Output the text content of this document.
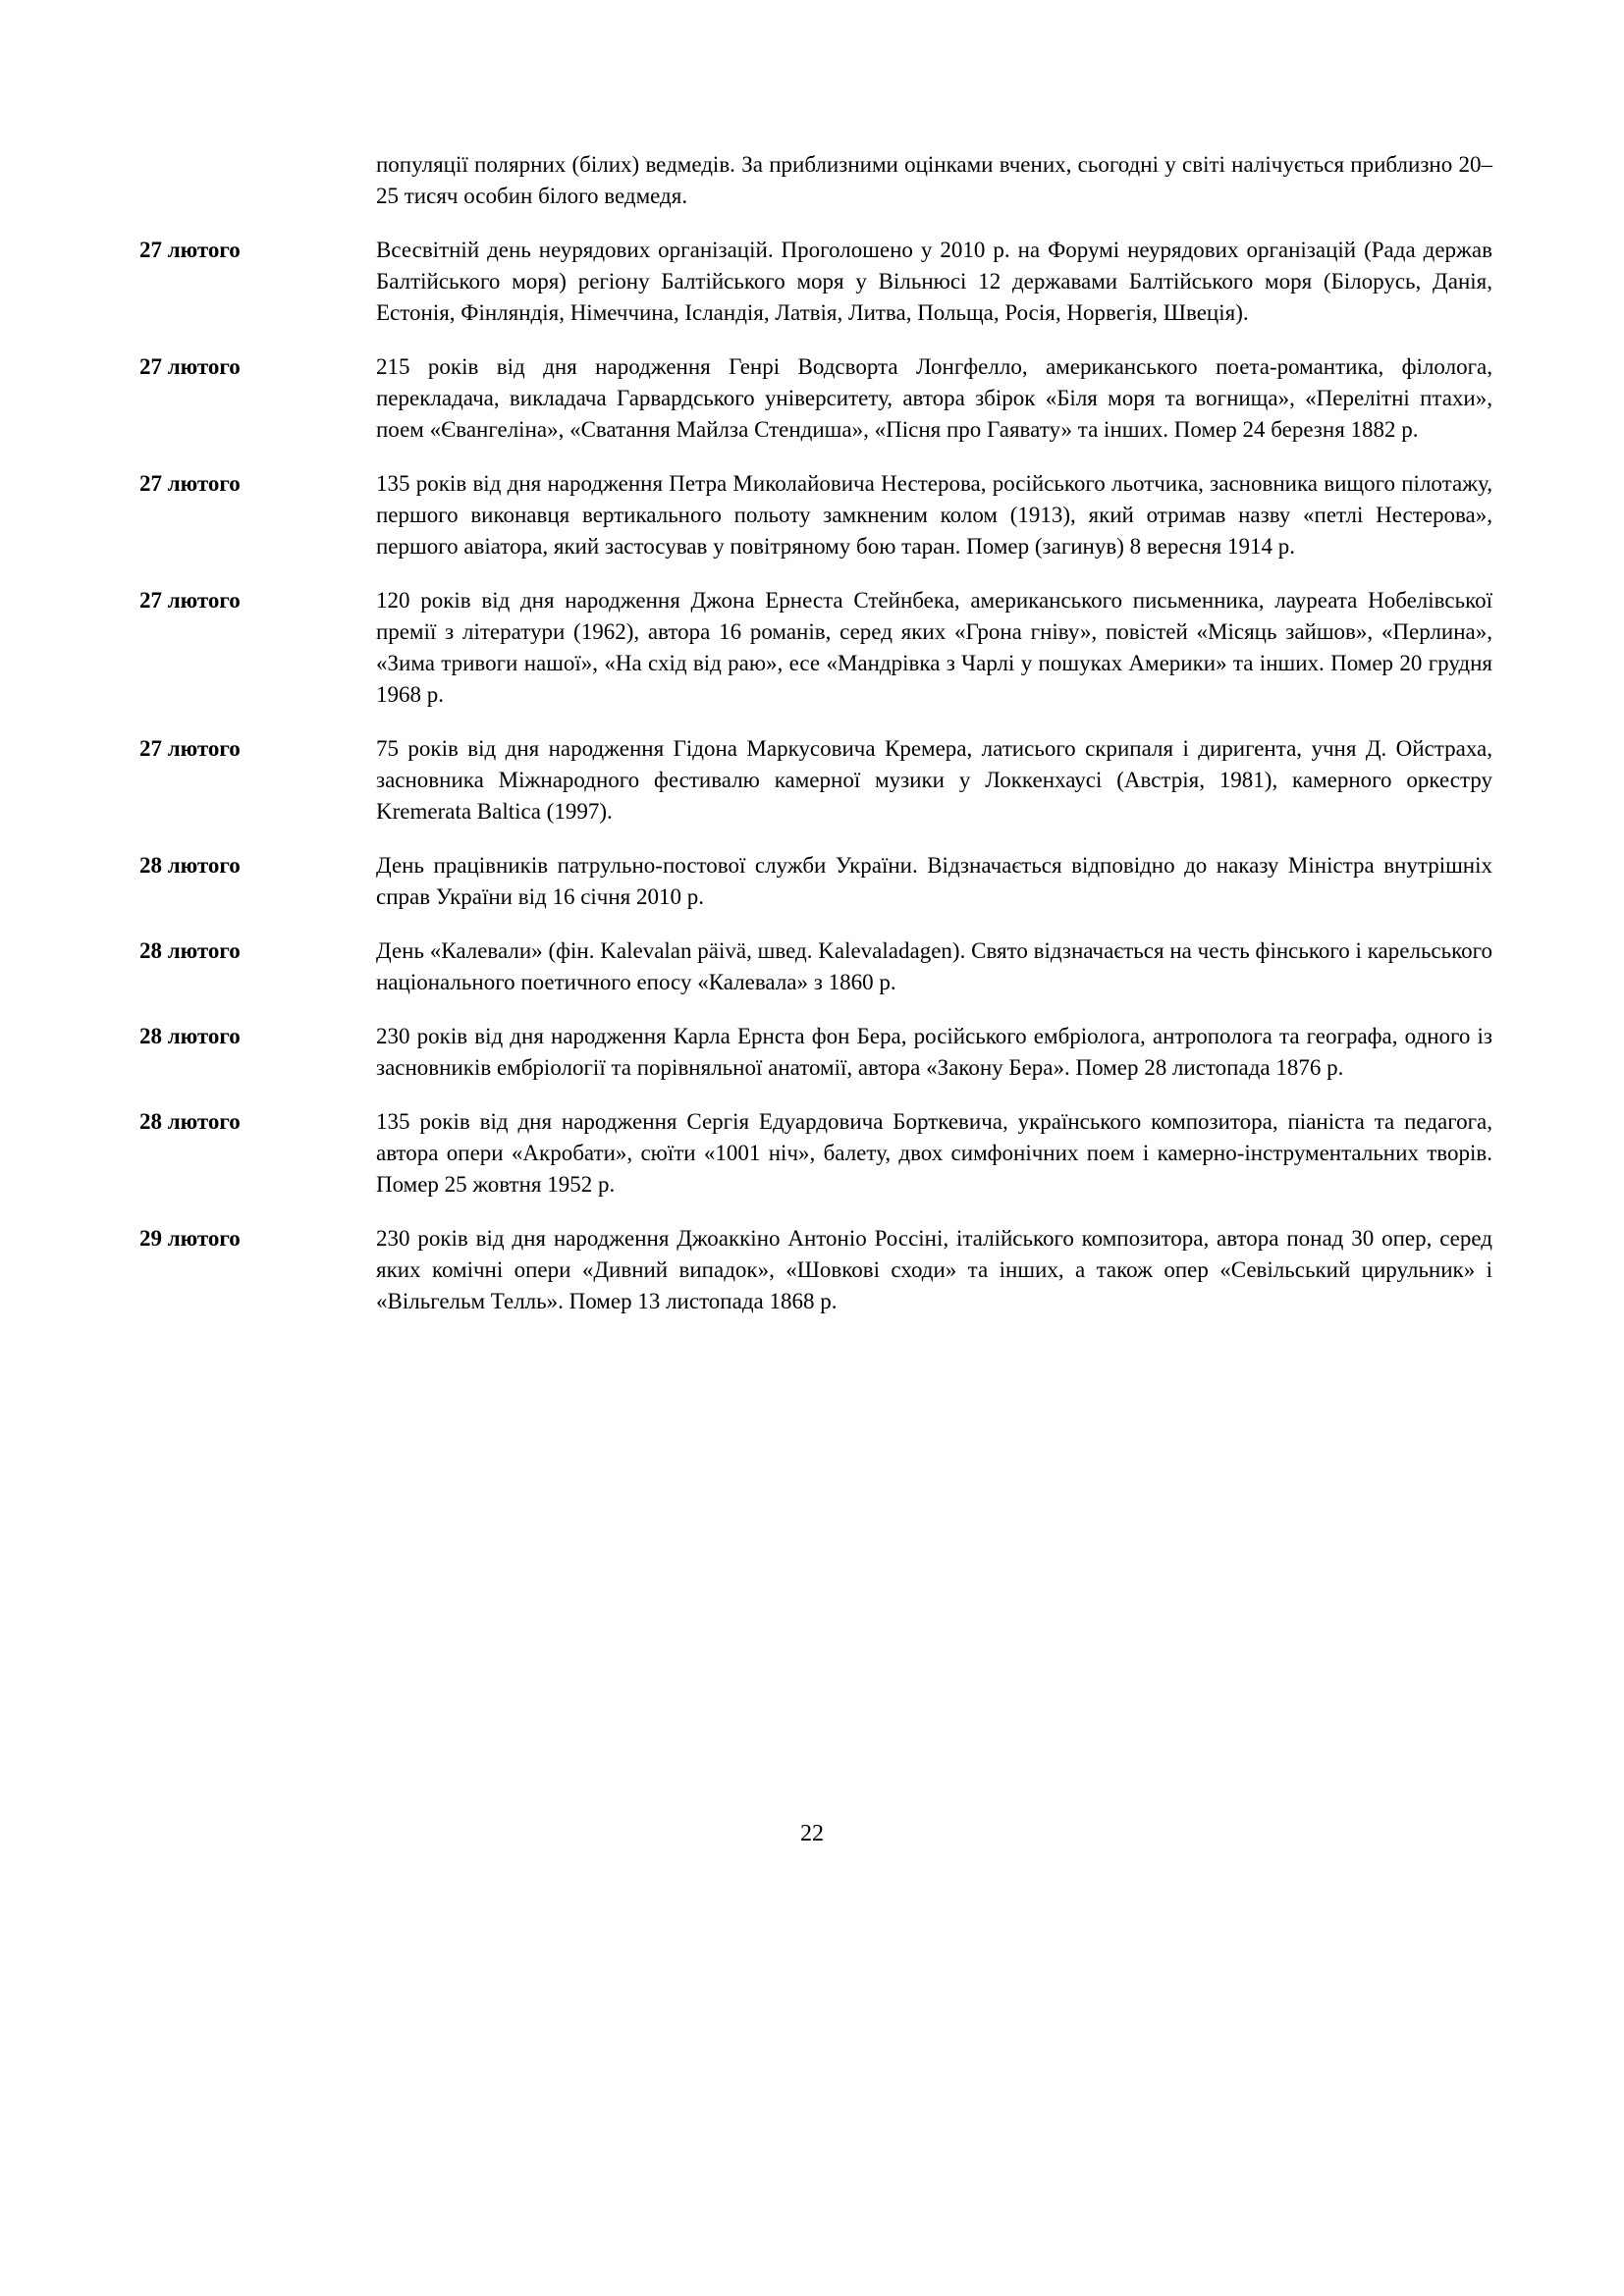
популяції полярних (білих) ведмедів. За приблизними оцінками вчених, сьогодні у світі налічується приблизно 20–25 тисяч особин білого ведмедя.
27 лютого	Всесвітній день неурядових організацій. Проголошено у 2010 р. на Форумі неурядових організацій (Рада держав Балтійського моря) регіону Балтійського моря у Вільнюсі 12 державами Балтійського моря (Білорусь, Данія, Естонія, Фінляндія, Німеччина, Ісландія, Латвія, Литва, Польща, Росія, Норвегія, Швеція).
27 лютого	215 років від дня народження Генрі Водсворта Лонгфелло, американського поета-романтика, філолога, перекладача, викладача Гарвардського університету, автора збірок «Біля моря та вогнища», «Перелітні птахи», поем «Євангеліна», «Сватання Майлза Стендиша», «Пісня про Гаявату» та інших. Помер 24 березня 1882 р.
27 лютого	135 років від дня народження Петра Миколайовича Нестерова, російського льотчика, засновника вищого пілотажу, першого виконавця вертикального польоту замкненим колом (1913), який отримав назву «петлі Нестерова», першого авіатора, який застосував у повітряному бою таран. Помер (загинув) 8 вересня 1914 р.
27 лютого	120 років від дня народження Джона Ернеста Стейнбека, американського письменника, лауреата Нобелівської премії з літератури (1962), автора 16 романів, серед яких «Грона гніву», повістей «Місяць зайшов», «Перлина», «Зима тривоги нашої», «На схід від раю», есе «Мандрівка з Чарлі у пошуках Америки» та інших. Помер 20 грудня 1968 р.
27 лютого	75 років від дня народження Гідона Маркусовича Кремера, латисього скрипаля і диригента, учня Д. Ойстраха, засновника Міжнародного фестивалю камерної музики у Локкенхаусі (Австрія, 1981), камерного оркестру Kremerata Baltica (1997).
28 лютого	День працівників патрульно-постової служби України. Відзначається відповідно до наказу Міністра внутрішніх справ України від 16 січня 2010 р.
28 лютого	День «Калевали» (фін. Kalevalan päivä, швед. Kalevaladagen). Свято відзначається на честь фінського і карельського національного поетичного епосу «Калевала» з 1860 р.
28 лютого	230 років від дня народження Карла Ернста фон Бера, російського ембріолога, антрополога та географа, одного із засновників ембріології та порівняльної анатомії, автора «Закону Бера». Помер 28 листопада 1876 р.
28 лютого	135 років від дня народження Сергія Едуардовича Борткевича, українського композитора, піаніста та педагога, автора опери «Акробати», сюїти «1001 ніч», балету, двох симфонічних поем і камерно-інструментальних творів. Помер 25 жовтня 1952 р.
29 лютого	230 років від дня народження Джоаккіно Антоніо Россіні, італійського композитора, автора понад 30 опер, серед яких комічні опери «Дивний випадок», «Шовкові сходи» та інших, а також опер «Севільський цирульник» і «Вільгельм Телль». Помер 13 листопада 1868 р.
22
